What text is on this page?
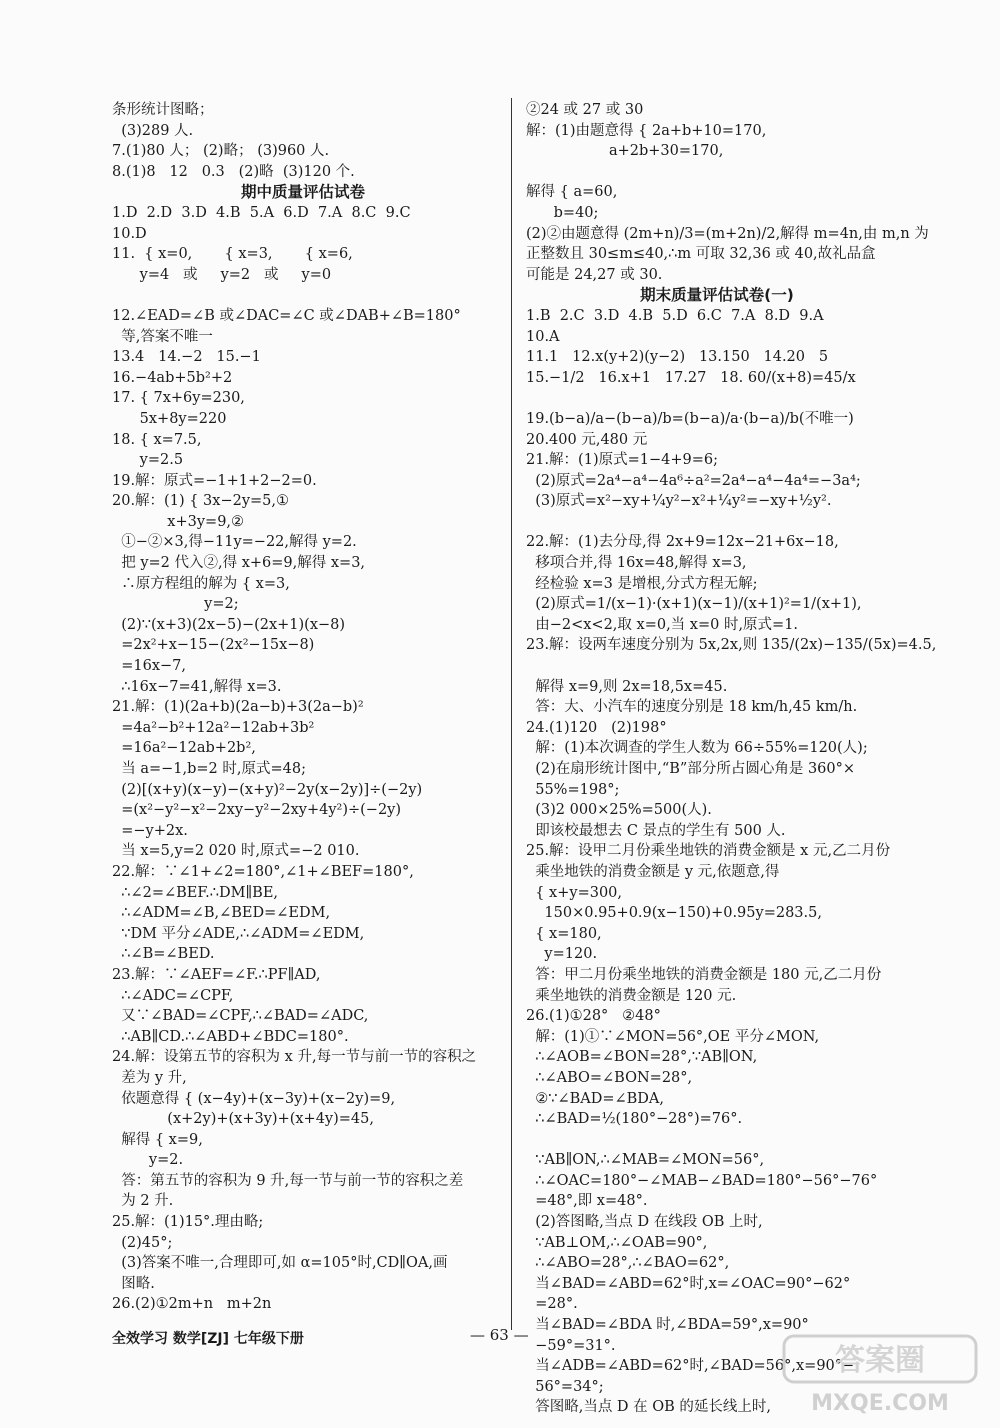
条形统计图略；
(3)289 人.
7.(1)80 人； (2)略； (3)960 人.
8.(1)8   12   0.3   (2)略  (3)120 个.
期中质量评估试卷
1.D  2.D  3.D  4.B  5.A  6.D  7.A  8.C  9.C
10.D
11.  { x=0,       { x=3,       { x=6,
y=4   或     y=2   或     y=0

12.∠EAD=∠B 或∠DAC=∠C 或∠DAB+∠B=180°
等,答案不唯一
13.4   14.−2   15.−1
16.−4ab+5b²+2
17. { 7x+6y=230,
5x+8y=220
18. { x=7.5,
y=2.5
19.解：原式=−1+1+2−2=0.
20.解：(1) { 3x−2y=5,①
x+3y=9,②
①−②×3,得−11y=−22,解得 y=2.
把 y=2 代入②,得 x+6=9,解得 x=3,
∴原方程组的解为 { x=3,
y=2;
(2)∵(x+3)(2x−5)−(2x+1)(x−8)
=2x²+x−15−(2x²−15x−8)
=16x−7,
∴16x−7=41,解得 x=3.
21.解：(1)(2a+b)(2a−b)+3(2a−b)²
=4a²−b²+12a²−12ab+3b²
=16a²−12ab+2b²,
当 a=−1,b=2 时,原式=48;
(2)[(x+y)(x−y)−(x+y)²−2y(x−2y)]÷(−2y)
=(x²−y²−x²−2xy−y²−2xy+4y²)÷(−2y)
=−y+2x.
当 x=5,y=2 020 时,原式=−2 010.
22.解：∵∠1+∠2=180°,∠1+∠BEF=180°,
∴∠2=∠BEF.∴DM∥BE,
∴∠ADM=∠B,∠BED=∠EDM,
∵DM 平分∠ADE,∴∠ADM=∠EDM,
∴∠B=∠BED.
23.解：∵∠AEF=∠F.∴PF∥AD,
∴∠ADC=∠CPF,
又∵∠BAD=∠CPF,∴∠BAD=∠ADC,
∴AB∥CD.∴∠ABD+∠BDC=180°.
24.解：设第五节的容积为 x 升,每一节与前一节的容积之
差为 y 升,
依题意得 { (x−4y)+(x−3y)+(x−2y)=9,
(x+2y)+(x+3y)+(x+4y)=45,
解得 { x=9,
y=2.
答：第五节的容积为 9 升,每一节与前一节的容积之差
为 2 升.
25.解：(1)15°.理由略;
(2)45°;
(3)答案不唯一,合理即可,如 α=105°时,CD∥OA,画
图略.
26.(2)①2m+n   m+2n
②24 或 27 或 30
解：(1)由题意得 { 2a+b+10=170,
a+2b+30=170,

解得 { a=60,
b=40;
(2)②由题意得 (2m+n)/3=(m+2n)/2,解得 m=4n,由 m,n 为
正整数且 30≤m≤40,∴m 可取 32,36 或 40,故礼品盒
可能是 24,27 或 30.
期末质量评估试卷(一)
1.B  2.C  3.D  4.B  5.D  6.C  7.A  8.D  9.A
10.A
11.1   12.x(y+2)(y−2)   13.150   14.20   5
15.−1/2   16.x+1   17.27   18. 60/(x+8)=45/x

19.(b−a)/a−(b−a)/b=(b−a)/a·(b−a)/b(不唯一)
20.400 元,480 元
21.解：(1)原式=1−4+9=6;
(2)原式=2a⁴−a⁴−4a⁶÷a²=2a⁴−a⁴−4a⁴=−3a⁴;
(3)原式=x²−xy+¼y²−x²+¼y²=−xy+½y².

22.解：(1)去分母,得 2x+9=12x−21+6x−18,
移项合并,得 16x=48,解得 x=3,
经检验 x=3 是增根,分式方程无解;
(2)原式=1/(x−1)·(x+1)(x−1)/(x+1)²=1/(x+1),
由−2<x<2,取 x=0,当 x=0 时,原式=1.
23.解：设两车速度分别为 5x,2x,则 135/(2x)−135/(5x)=4.5,

解得 x=9,则 2x=18,5x=45.
答：大、小汽车的速度分别是 18 km/h,45 km/h.
24.(1)120   (2)198°
解：(1)本次调查的学生人数为 66÷55%=120(人);
(2)在扇形统计图中,“B”部分所占圆心角是 360°×
55%=198°;
(3)2 000×25%=500(人).
即该校最想去 C 景点的学生有 500 人.
25.解：设甲二月份乘坐地铁的消费金额是 x 元,乙二月份
乘坐地铁的消费金额是 y 元,依题意,得
{ x+y=300,
150×0.95+0.9(x−150)+0.95y=283.5,
{ x=180,
y=120.
答：甲二月份乘坐地铁的消费金额是 180 元,乙二月份
乘坐地铁的消费金额是 120 元.
26.(1)①28°   ②48°
解：(1)①∵∠MON=56°,OE 平分∠MON,
∴∠AOB=∠BON=28°,∵AB∥ON,
∴∠ABO=∠BON=28°,
②∵∠BAD=∠BDA,
∴∠BAD=½(180°−28°)=76°.

∵AB∥ON,∴∠MAB=∠MON=56°,
∴∠OAC=180°−∠MAB−∠BAD=180°−56°−76°
=48°,即 x=48°.
(2)答图略,当点 D 在线段 OB 上时,
∵AB⊥OM,∴∠OAB=90°,
∴∠ABO=28°,∴∠BAO=62°,
当∠BAD=∠ABD=62°时,x=∠OAC=90°−62°
=28°.
当∠BAD=∠BDA 时,∠BDA=59°,x=90°
−59°=31°.
当∠ADB=∠ABD=62°时,∠BAD=56°,x=90°−
56°=34°;
答图略,当点 D 在 OB 的延长线上时,
全效学习 数学[ZJ] 七年级下册	— 63 —
答案圈
MXQE.COM
